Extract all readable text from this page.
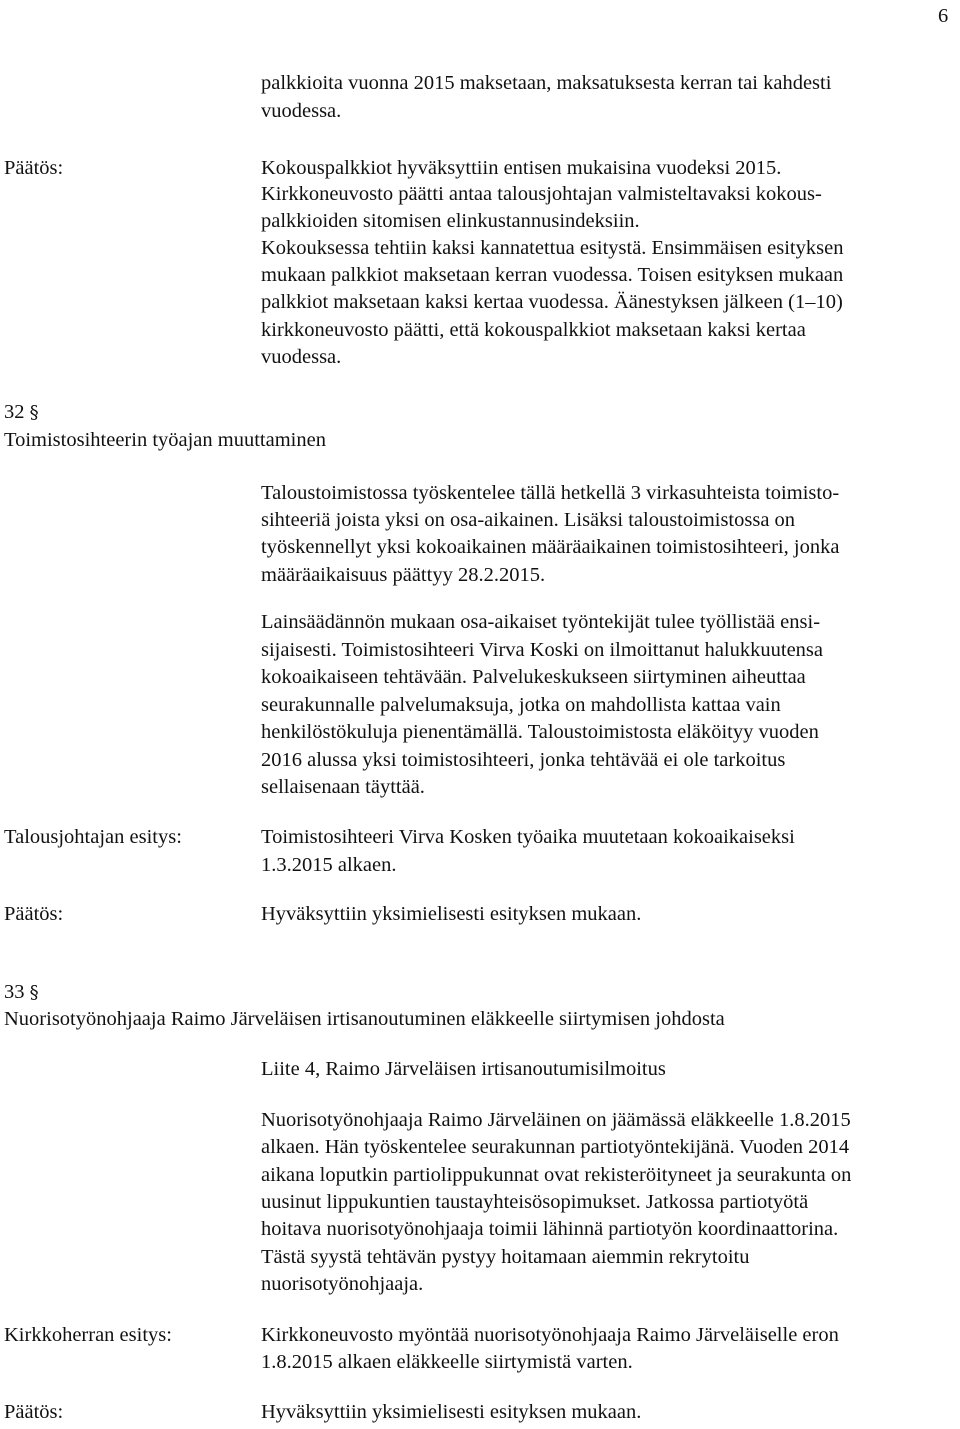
6
palkkioita vuonna 2015 maksetaan, maksatuksesta kerran tai kahdesti
vuodessa.
Päätös:	Kokouspalkkiot hyväksyttiin entisen mukaisina vuodeksi 2015.
Kirkkoneuvosto päätti antaa talousjohtajan valmisteltavaksi kokous-
palkkioiden sitomisen elinkustannusindeksiin.
Kokouksessa tehtiin kaksi kannatettua esitystä. Ensimmäisen esityksen
mukaan palkkiot maksetaan kerran vuodessa. Toisen esityksen mukaan
palkkiot maksetaan kaksi kertaa vuodessa. Äänestyksen jälkeen (1–10)
kirkkoneuvosto päätti, että kokouspalkkiot maksetaan kaksi kertaa
vuodessa.
32 §
Toimistosihteerin työajan muuttaminen
Taloustoimistossa työskentelee tällä hetkellä 3 virkasuhteista toimisto-
sihteeriä joista yksi on osa-aikainen. Lisäksi taloustoimistossa on
työskennellyt yksi kokoaikainen määräaikainen toimistosihteeri, jonka
määräaikaisuus päättyy 28.2.2015.
Lainsäädännön mukaan osa-aikaiset työntekijät tulee työllistää ensi-
sijaisesti. Toimistosihteeri Virva Koski on ilmoittanut halukkuutensa
kokoaikaiseen tehtävään. Palvelukeskukseen siirtyminen aiheuttaa
seurakunnalle palvelumaksuja, jotka on mahdollista kattaa vain
henkilöstökuluja pienentämällä. Taloustoimistosta eläköityy vuoden
2016 alussa yksi toimistosihteeri, jonka tehtävää ei ole tarkoitus
sellaisenaan täyttää.
Talousjohtajan esitys:	Toimistosihteeri Virva Kosken työaika muutetaan kokoaikaiseksi
1.3.2015 alkaen.
Päätös:	Hyväksyttiin yksimielisesti esityksen mukaan.
33 §
Nuorisotyönohjaaja Raimo Järveläisen irtisanoutuminen eläkkeelle siirtymisen johdosta
Liite 4, Raimo Järveläisen irtisanoutumisilmoitus
Nuorisotyönohjaaja Raimo Järveläinen on jäämässä eläkkeelle 1.8.2015
alkaen. Hän työskentelee seurakunnan partiotyöntekijänä. Vuoden 2014
aikana loputkin partiolippukunnat ovat rekisteröityneet ja seurakunta on
uusinut lippukuntien taustayhteisösopimukset. Jatkossa partiotyötä
hoitava nuorisotyönohjaaja toimii lähinnä partiotyön koordinaattorina.
Tästä syystä tehtävän pystyy hoitamaan aiemmin rekrytoitu
nuorisotyönohjaaja.
Kirkkoherran esitys:	Kirkkoneuvosto myöntää nuorisotyönohjaaja Raimo Järveläiselle eron
1.8.2015 alkaen eläkkeelle siirtymistä varten.
Päätös:	Hyväksyttiin yksimielisesti esityksen mukaan.
